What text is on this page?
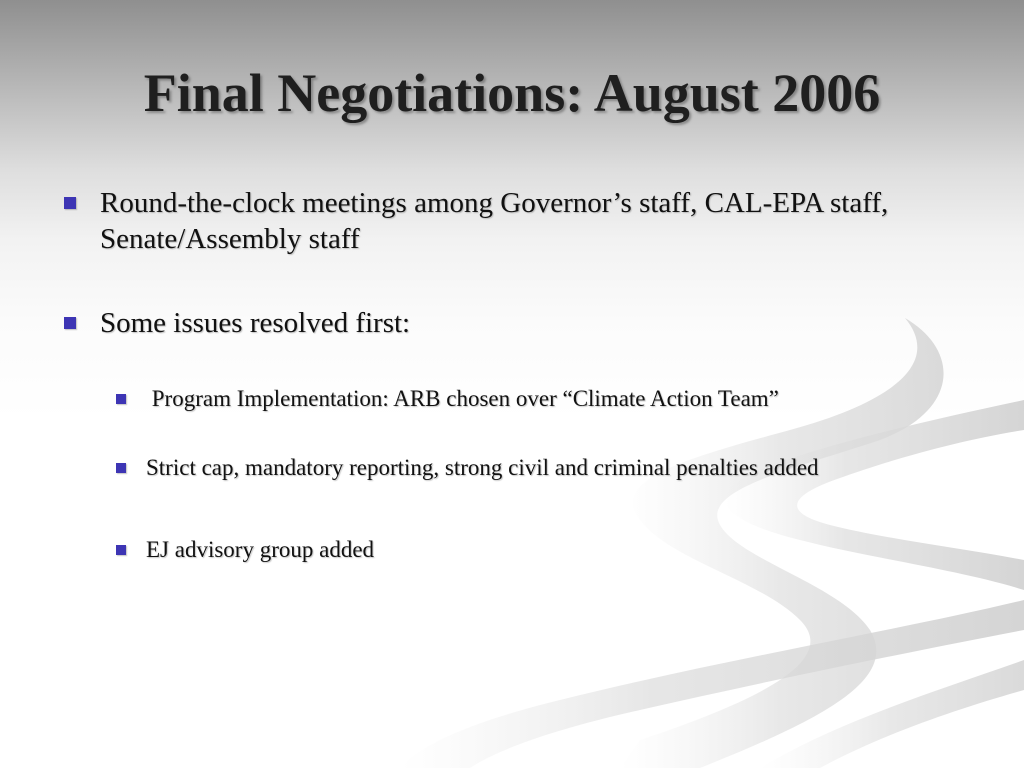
Final Negotiations: August 2006
Round-the-clock meetings among Governor’s staff, CAL-EPA staff, Senate/Assembly staff
Some issues resolved first:
Program Implementation: ARB chosen over “Climate Action Team”
Strict cap, mandatory reporting, strong civil and criminal penalties added
EJ advisory group added
